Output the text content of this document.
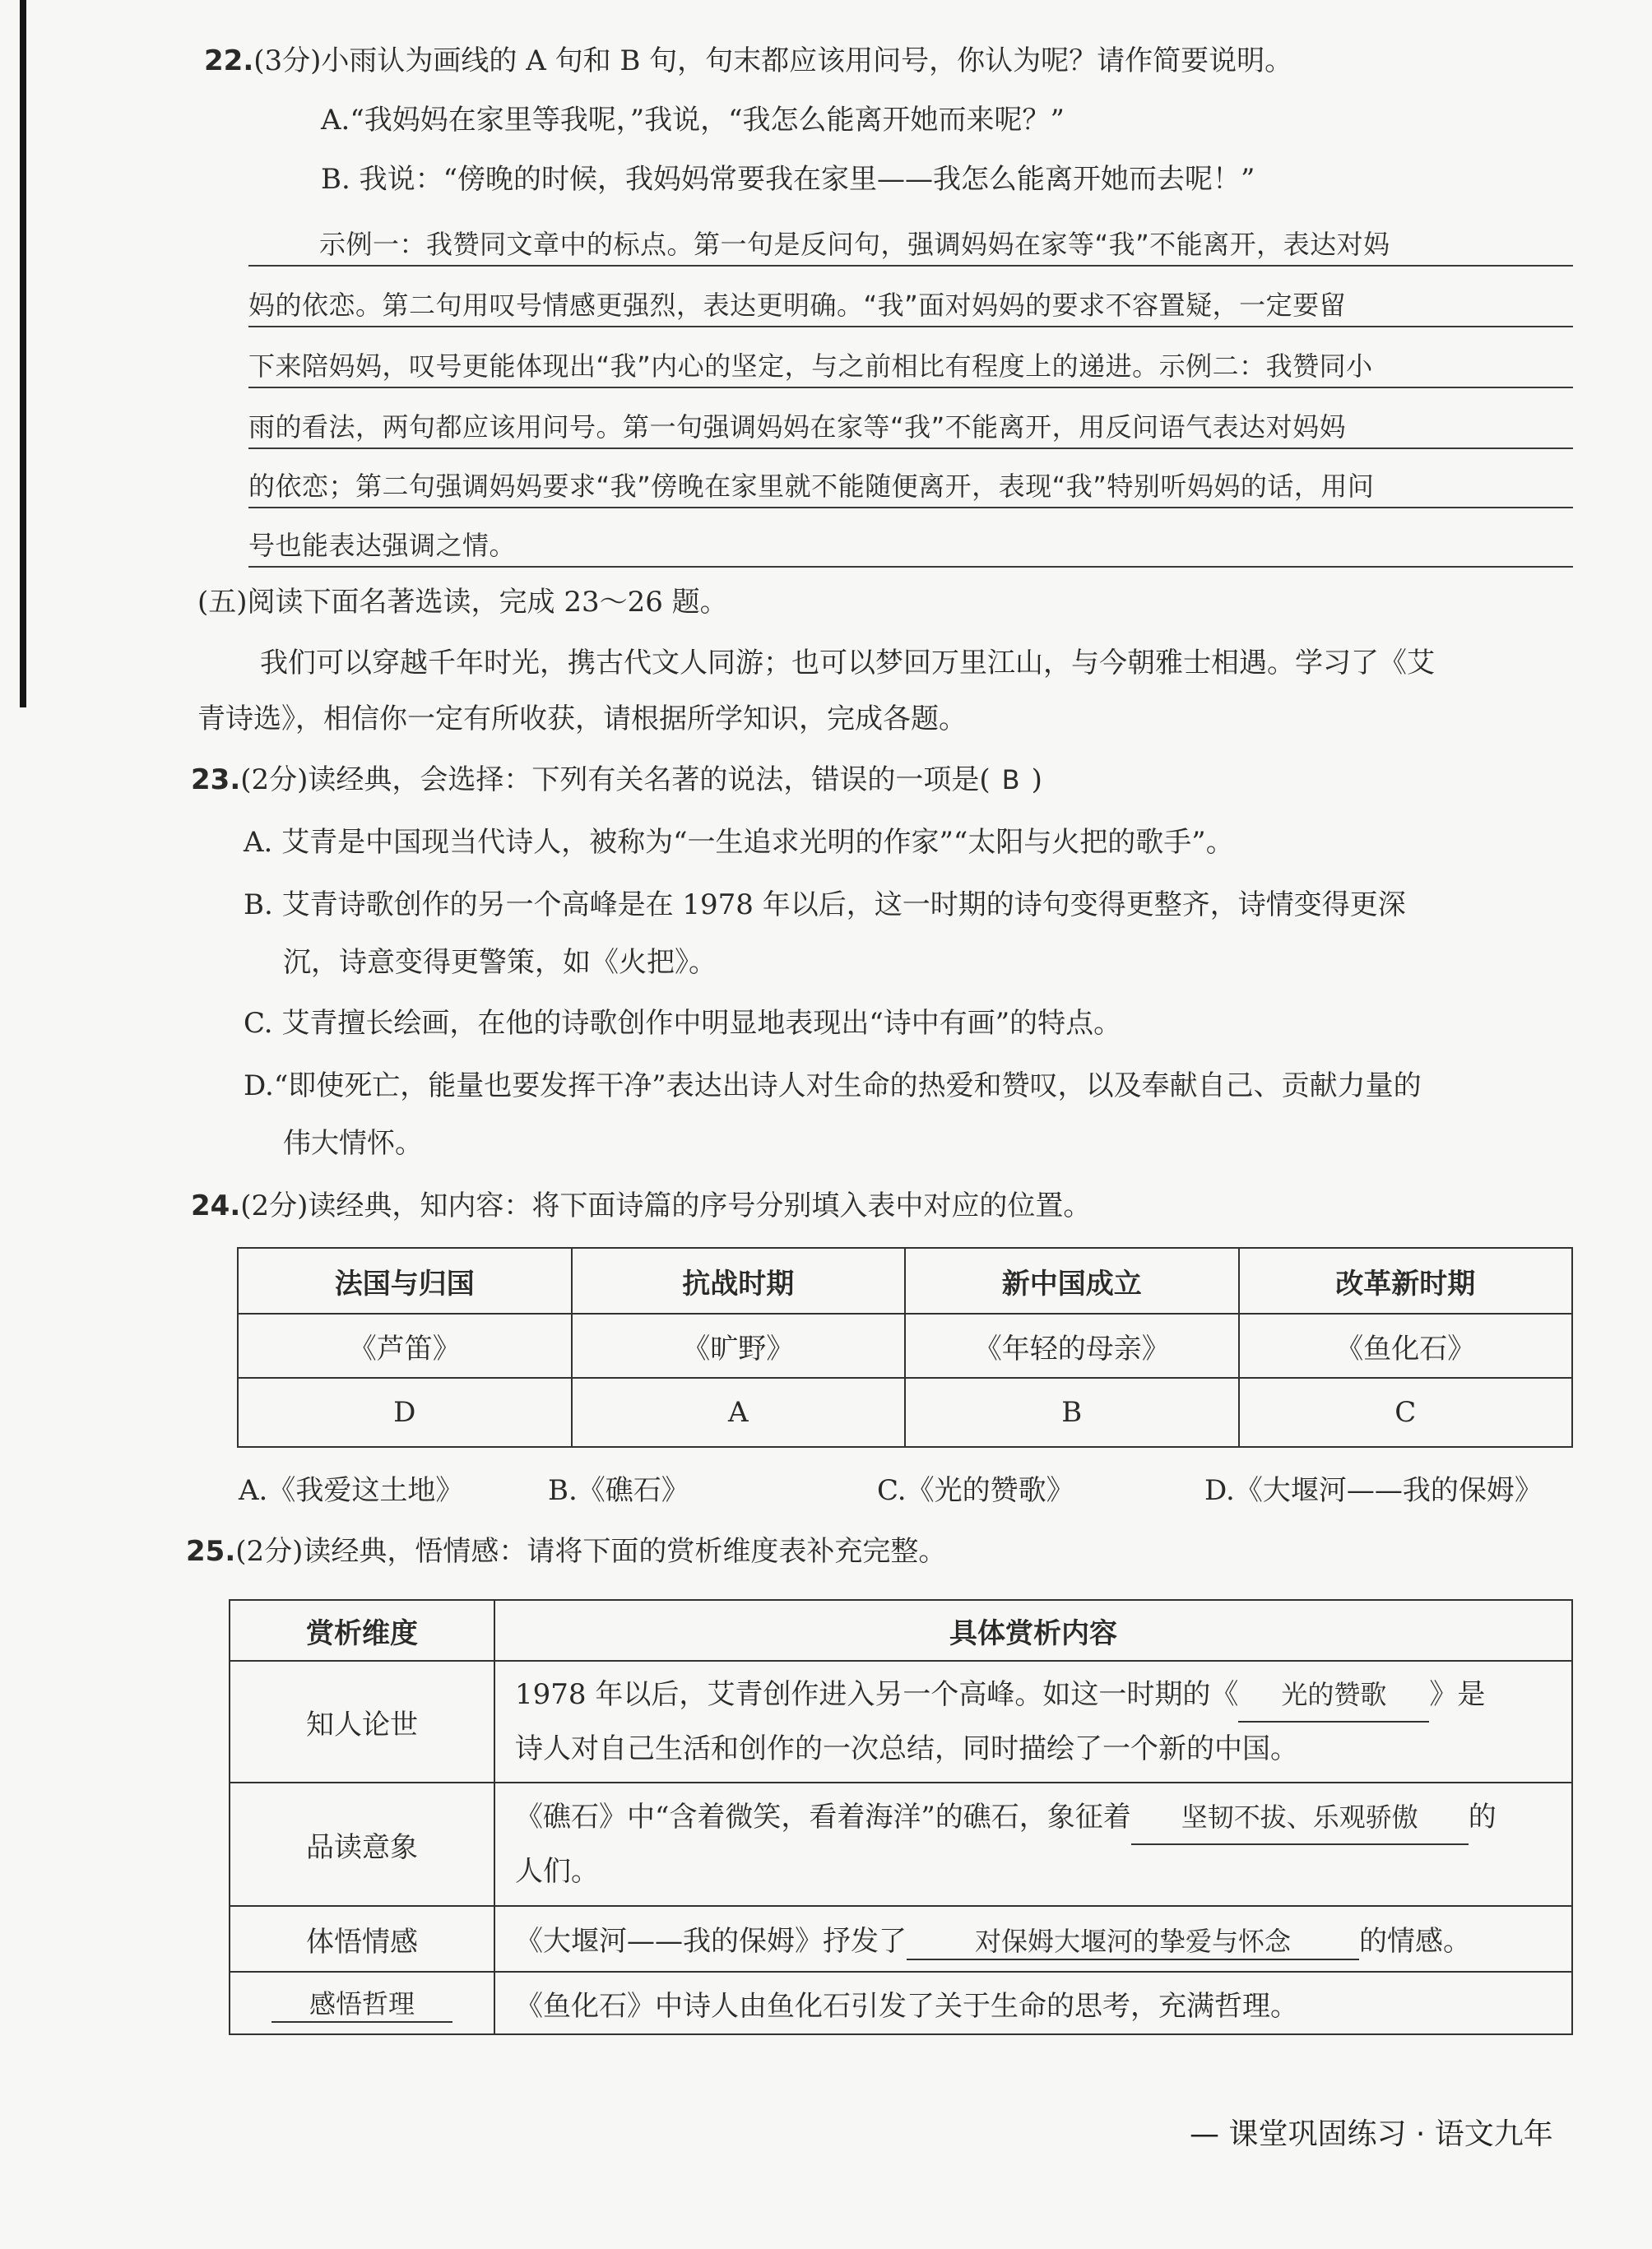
22.(3分)小雨认为画线的 A 句和 B 句，句末都应该用问号，你认为呢？请作简要说明。
A.“我妈妈在家里等我呢，”我说，“我怎么能离开她而来呢？”
B. 我说：“傍晚的时候，我妈妈常要我在家里——我怎么能离开她而去呢！”
示例一：我赞同文章中的标点。第一句是反问句，强调妈妈在家等“我”不能离开，表达对妈
妈的依恋。第二句用叹号情感更强烈，表达更明确。“我”面对妈妈的要求不容置疑，一定要留
下来陪妈妈，叹号更能体现出“我”内心的坚定，与之前相比有程度上的递进。示例二：我赞同小
雨的看法，两句都应该用问号。第一句强调妈妈在家等“我”不能离开，用反问语气表达对妈妈
的依恋；第二句强调妈妈要求“我”傍晚在家里就不能随便离开，表现“我”特别听妈妈的话，用问
号也能表达强调之情。
(五)阅读下面名著选读，完成 23～26 题。
我们可以穿越千年时光，携古代文人同游；也可以梦回万里江山，与今朝雅士相遇。学习了《艾
青诗选》，相信你一定有所收获，请根据所学知识，完成各题。
23.(2分)读经典，会选择：下列有关名著的说法，错误的一项是( B )
A. 艾青是中国现当代诗人，被称为“一生追求光明的作家”“太阳与火把的歌手”。
B. 艾青诗歌创作的另一个高峰是在 1978 年以后，这一时期的诗句变得更整齐，诗情变得更深
沉，诗意变得更警策，如《火把》。
C. 艾青擅长绘画，在他的诗歌创作中明显地表现出“诗中有画”的特点。
D.“即使死亡，能量也要发挥干净”表达出诗人对生命的热爱和赞叹，以及奉献自己、贡献力量的
伟大情怀。
24.(2分)读经典，知内容：将下面诗篇的序号分别填入表中对应的位置。
法国与归国	抗战时期	新中国成立	改革新时期
《芦笛》	《旷野》	《年轻的母亲》	《鱼化石》
D	A	B	C
A.《我爱这土地》	B.《礁石》	C.《光的赞歌》	D.《大堰河——我的保姆》
25.(2分)读经典，悟情感：请将下面的赏析维度表补充完整。
赏析维度	具体赏析内容
知人论世	1978 年以后，艾青创作进入另一个高峰。如这一时期的《 光的赞歌 》是
诗人对自己生活和创作的一次总结，同时描绘了一个新的中国。
品读意象	《礁石》中“含着微笑，看着海洋”的礁石，象征着 坚韧不拔、乐观骄傲 的
人们。
体悟情感	《大堰河——我的保姆》抒发了 对保姆大堰河的挚爱与怀念 的情感。
感悟哲理	《鱼化石》中诗人由鱼化石引发了关于生命的思考，充满哲理。
— 课堂巩固练习 · 语文九年
